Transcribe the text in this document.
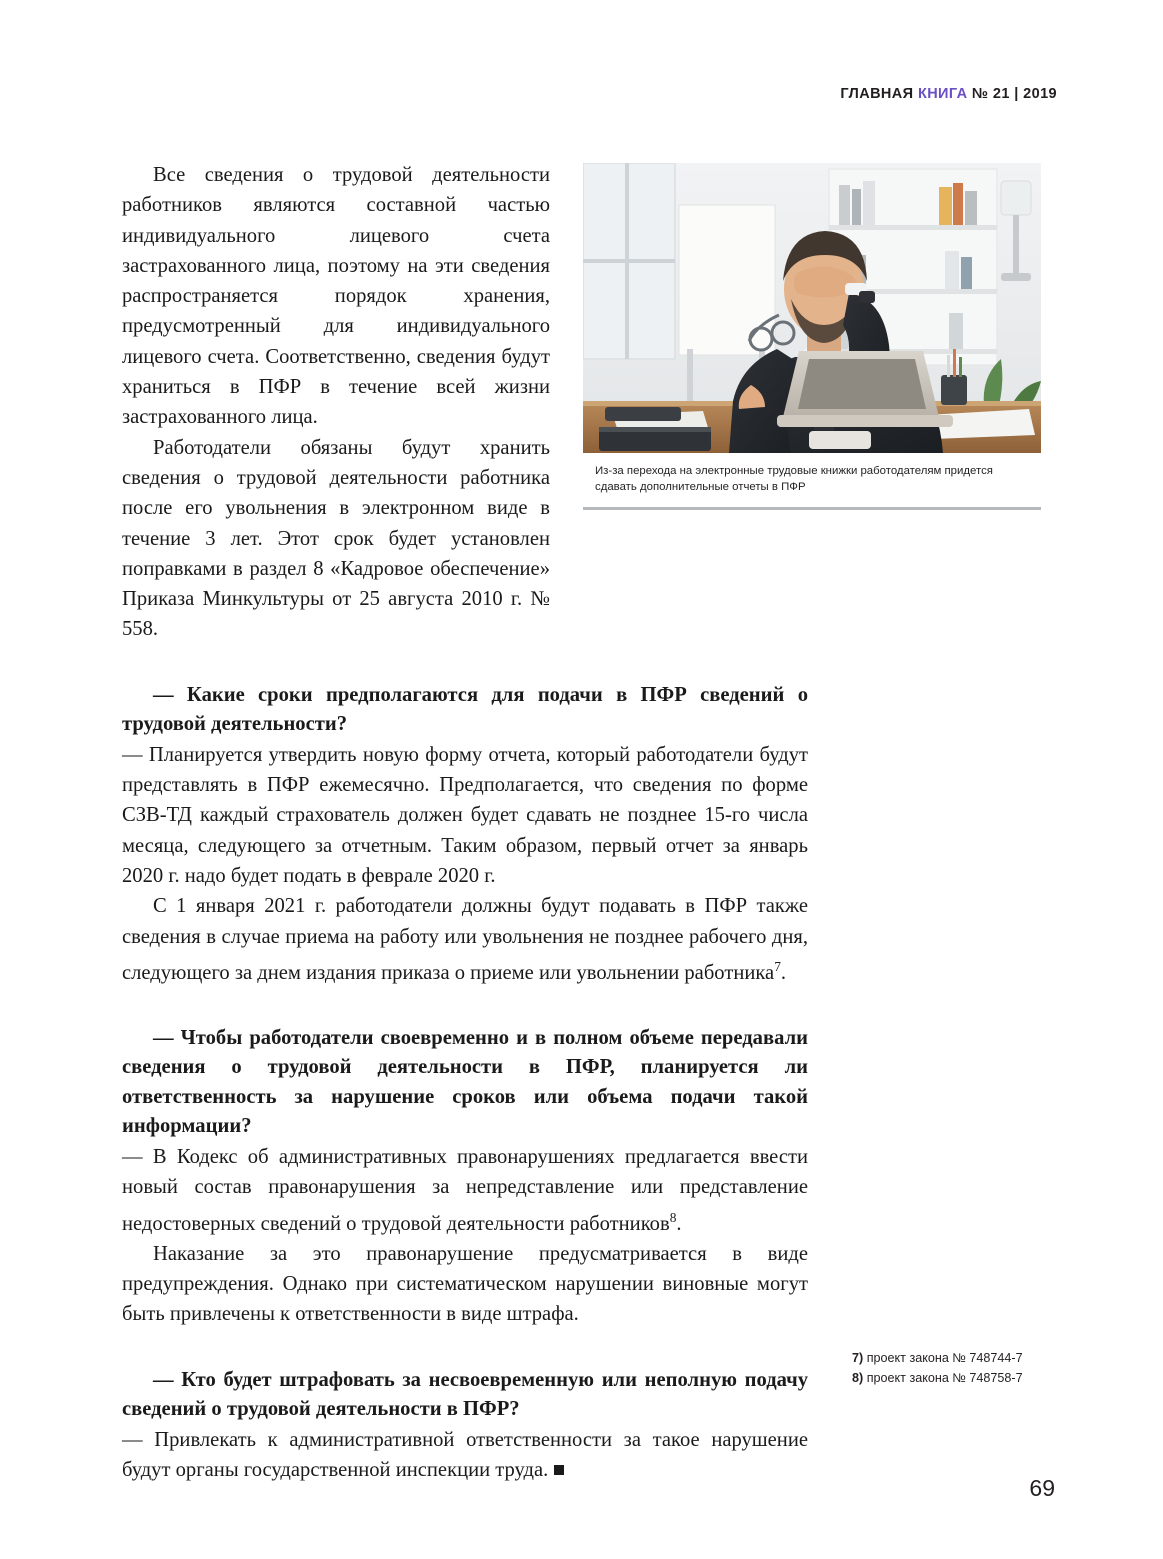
ГЛАВНАЯ КНИГА № 21 | 2019
Из-за перехода на электронные трудовые книжки работодателям придется сдавать дополнительные отчеты в ПФР

Все сведения о трудовой деятельности работников являются составной частью индивидуального лицевого счета застрахованного лица, поэтому на эти сведения распространяется порядок хранения, предусмотренный для индивидуального лицевого счета. Соответственно, сведения будут храниться в ПФР в течение всей жизни застрахованного лица.

Работодатели обязаны будут хранить сведения о трудовой деятельности работника после его увольнения в электронном виде в течение 3 лет. Этот срок будет установлен поправками в раздел 8 «Кадровое обеспечение» Приказа Минкультуры от 25 августа 2010 г. № 558.

— Какие сроки предполагаются для подачи в ПФР сведений о трудовой деятельности?

— Планируется утвердить новую форму отчета, который работодатели будут представлять в ПФР ежемесячно. Предполагается, что сведения по форме СЗВ-ТД каждый страхователь должен будет сдавать не позднее 15-го числа месяца, следующего за отчетным. Таким образом, первый отчет за январь 2020 г. надо будет подать в феврале 2020 г.

С 1 января 2021 г. работодатели должны будут подавать в ПФР также сведения в случае приема на работу или увольнения не позднее рабочего дня, следующего за днем издания приказа о приеме или увольнении работника$^7$.

— Чтобы работодатели своевременно и в полном объеме передавали сведения о трудовой деятельности в ПФР, планируется ли ответственность за нарушение сроков или объема подачи такой информации?

— В Кодекс об административных правонарушениях предлагается ввести новый состав правонарушения за непредставление или представление недостоверных сведений о трудовой деятельности работников$^8$.

Наказание за это правонарушение предусматривается в виде предупреждения. Однако при систематическом нарушении виновные могут быть привлечены к ответственности в виде штрафа.

— Кто будет штрафовать за несвоевременную или неполную подачу сведений о трудовой деятельности в ПФР?

— Привлекать к административной ответственности за такое нарушение будут органы государственной инспекции труда.

7) проект закона № 748744-7
8) проект закона № 748758-7
69
